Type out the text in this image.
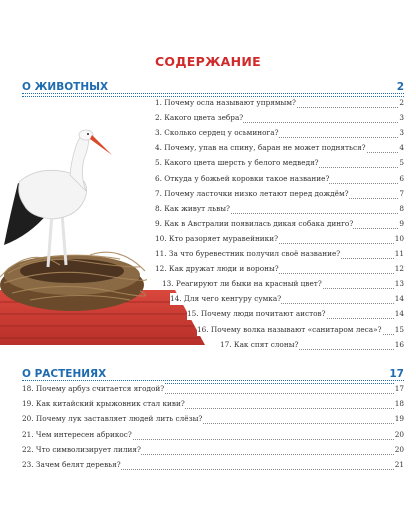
СОДЕРЖАНИЕ
О ЖИВОТНЫХ	2
1. Почему осла называют упрямым?	2
2. Какого цвета зебра?	3
3. Сколько сердец у осьминога?	3
4. Почему, упав на спину, баран не может подняться?	4
5. Какого цвета шерсть у белого медведя?	5
6. Откуда у божьей коровки такое название?	6
7. Почему ласточки низко летают перед дождём?	7
8. Как живут львы?	8
9. Как в Австралии появилась дикая собака динго?	9
10. Кто разоряет муравейники?	10
11. За что буревестник получил своё название?	11
12. Как дружат люди и вороны?	12
13. Реагируют ли быки на красный цвет?	13
14. Для чего кенгуру сумка?	14
15. Почему люди почитают аистов?	14
16. Почему волка называют «санитаром леса»? 15
17. Как спят слоны?	16
О РАСТЕНИЯХ	17
18. Почему арбуз считается ягодой?	17
19. Как китайский крыжовник стал киви?	18
20. Почему лук заставляет людей лить слёзы?	19
21. Чем интересен абрикос?	20
22. Что символизирует лилия?	20
23. Зачем белят деревья?	21
